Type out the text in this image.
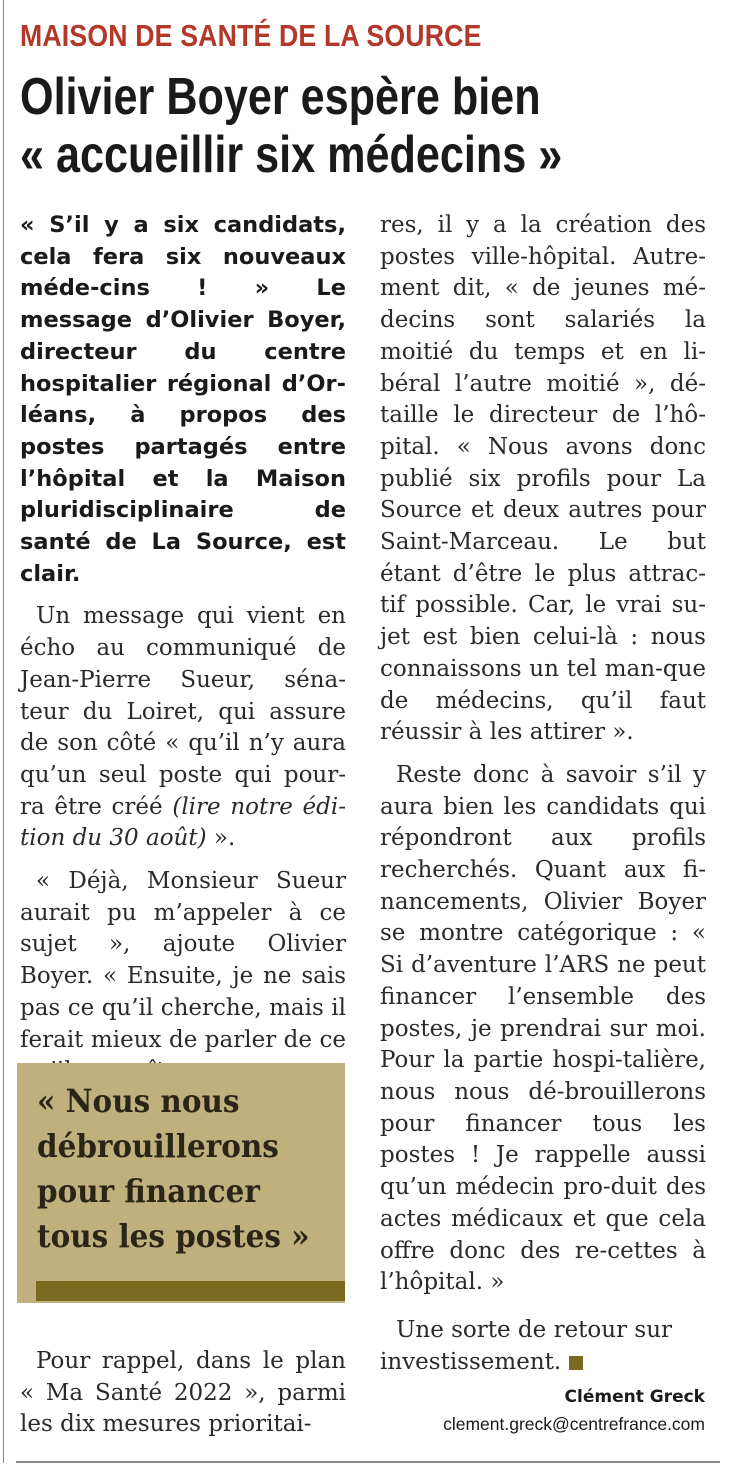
MAISON DE SANTÉ DE LA SOURCE
Olivier Boyer espère bien
« accueillir six médecins »

« S’il y a six candidats, cela fera six nouveaux méde-cins ! » Le message d’Olivier Boyer, directeur du centre hospitalier régional d’Or-léans, à propos des postes partagés entre l’hôpital et la Maison pluridisciplinaire de santé de La Source, est clair.

Un message qui vient en écho au communiqué de Jean-Pierre Sueur, séna-teur du Loiret, qui assure de son côté « qu’il n’y aura qu’un seul poste qui pour-ra être créé (lire notre édi-tion du 30 août) ».

« Déjà, Monsieur Sueur aurait pu m’appeler à ce sujet », ajoute Olivier Boyer. « Ensuite, je ne sais pas ce qu’il cherche, mais il ferait mieux de parler de ce

« Nous nous
débrouillerons
pour financer
tous les postes »

Pour rappel, dans le plan « Ma Santé 2022 », parmi les dix mesures prioritai-

res, il y a la création des postes ville-hôpital. Autre-ment dit, « de jeunes mé-decins sont salariés la moitié du temps et en li-béral l’autre moitié », dé-taille le directeur de l’hô-pital. « Nous avons donc publié six profils pour La Source et deux autres pour Saint-Marceau. Le but étant d’être le plus attrac-tif possible. Car, le vrai su-jet est bien celui-là : nous connaissons un tel man-que de médecins, qu’il faut réussir à les attirer ».

Reste donc à savoir s’il y aura bien les candidats qui répondront aux profils recherchés. Quant aux fi-nancements, Olivier Boyer se montre catégorique : « Si d’aventure l’ARS ne peut financer l’ensemble des postes, je prendrai sur moi. Pour la partie hospi-talière, nous nous dé-brouillerons pour financer tous les postes ! Je rappelle aussi qu’un médecin pro-duit des actes médicaux et que cela offre donc des re-cettes à l’hôpital. »

Une sorte de retour sur investissement.

Clément Greck
clement.greck@centrefrance.com
